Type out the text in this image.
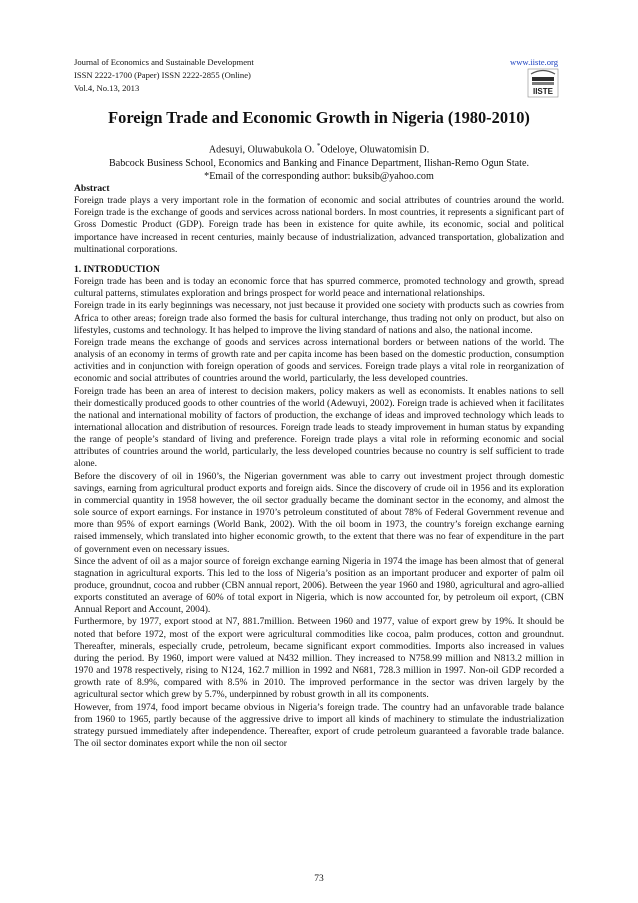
Journal of Economics and Sustainable Development
ISSN 2222-1700 (Paper) ISSN 2222-2855 (Online)
Vol.4, No.13, 2013
www.iiste.org
IISTE
Foreign Trade and Economic Growth in Nigeria (1980-2010)
Adesuyi, Oluwabukola O. *Odeloye, Oluwatomisin D.
Babcock Business School, Economics and Banking and Finance Department, Ilishan-Remo Ogun State.
*Email of the corresponding author: buksib@yahoo.com
Abstract

Foreign trade plays a very important role in the formation of economic and social attributes of countries around the world. Foreign trade is the exchange of goods and services across national borders. In most countries, it represents a significant part of Gross Domestic Product (GDP). Foreign trade has been in existence for quite awhile, its economic, social and political importance have increased in recent centuries, mainly because of industrialization, advanced transportation, globalization and multinational corporations.

1. INTRODUCTION

Foreign trade has been and is today an economic force that has spurred commerce, promoted technology and growth, spread cultural patterns, stimulates exploration and brings prospect for world peace and international relationships.

Foreign trade in its early beginnings was necessary, not just because it provided one society with products such as cowries from Africa to other areas; foreign trade also formed the basis for cultural interchange, thus trading not only on product, but also on lifestyles, customs and technology. It has helped to improve the living standard of nations and also, the national income.

Foreign trade means the exchange of goods and services across international borders or between nations of the world. The analysis of an economy in terms of growth rate and per capita income has been based on the domestic production, consumption activities and in conjunction with foreign operation of goods and services. Foreign trade plays a vital role in reorganization of economic and social attributes of countries around the world, particularly, the less developed countries.

Foreign trade has been an area of interest to decision makers, policy makers as well as economists. It enables nations to sell their domestically produced goods to other countries of the world (Adewuyi, 2002). Foreign trade is achieved when it facilitates the national and international mobility of factors of production, the exchange of ideas and improved technology which leads to international allocation and distribution of resources. Foreign trade leads to steady improvement in human status by expanding the range of people’s standard of living and preference. Foreign trade plays a vital role in reforming economic and social attributes of countries around the world, particularly, the less developed countries because no country is self sufficient to trade alone.

Before the discovery of oil in 1960’s, the Nigerian government was able to carry out investment project through domestic savings, earning from agricultural product exports and foreign aids. Since the discovery of crude oil in 1956 and its exploration in commercial quantity in 1958 however, the oil sector gradually became the dominant sector in the economy, and almost the sole source of export earnings. For instance in 1970’s petroleum constituted of about 78% of Federal Government revenue and more than 95% of export earnings (World Bank, 2002). With the oil boom in 1973, the country’s foreign exchange earning raised immensely, which translated into higher economic growth, to the extent that there was no fear of expenditure in the part of government even on necessary issues.

Since the advent of oil as a major source of foreign exchange earning Nigeria in 1974 the image has been almost that of general stagnation in agricultural exports. This led to the loss of Nigeria’s position as an important producer and exporter of palm oil produce, groundnut, cocoa and rubber (CBN annual report, 2006). Between the year 1960 and 1980, agricultural and agro-allied exports constituted an average of 60% of total export in Nigeria, which is now accounted for, by petroleum oil export, (CBN Annual Report and Account, 2004).

Furthermore, by 1977, export stood at N7, 881.7million. Between 1960 and 1977, value of export grew by 19%. It should be noted that before 1972, most of the export were agricultural commodities like cocoa, palm produces, cotton and groundnut. Thereafter, minerals, especially crude, petroleum, became significant export commodities. Imports also increased in values during the period. By 1960, import were valued at N432 million. They increased to N758.99 million and N813.2 million in 1970 and 1978 respectively, rising to N124, 162.7 million in 1992 and N681, 728.3 million in 1997. Non-oil GDP recorded a growth rate of 8.9%, compared with 8.5% in 2010. The improved performance in the sector was driven largely by the agricultural sector which grew by 5.7%, underpinned by robust growth in all its components.

However, from 1974, food import became obvious in Nigeria’s foreign trade. The country had an unfavorable trade balance from 1960 to 1965, partly because of the aggressive drive to import all kinds of machinery to stimulate the industrialization strategy pursued immediately after independence. Thereafter, export of crude petroleum guaranteed a favorable trade balance. The oil sector dominates export while the non oil sector

73
